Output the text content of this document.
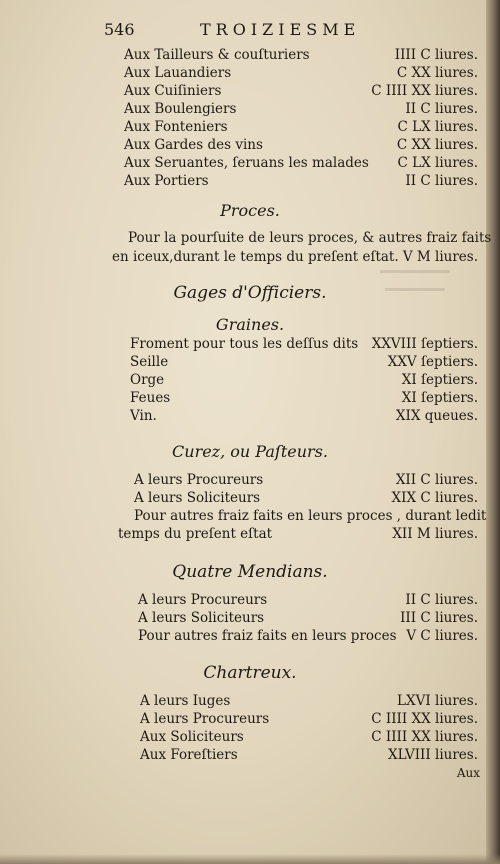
546	TROIZIESME
Aux Tailleurs & couſturiers	IIII C liures.
Aux Lauandiers	C XX liures.
Aux Cuiſiniers	C IIII XX liures.
Aux Boulengiers	II C liures.
Aux Fonteniers	C LX liures.
Aux Gardes des vins	C XX liures.
Aux Seruantes, ſeruans les malades C LX liures.
Aux Portiers	II C liures.
Proces.
Pour la pourſuite de leurs proces, & autres fraiz faits
en iceux,durant le temps du preſent eſtat. V M liures.
Gages d'Officiers.
Graines.
Froment pour tous les deſſus dits XXVIII ſeptiers.
Seille	XXV ſeptiers.
Orge	XI ſeptiers.
Feues	XI ſeptiers.
Vin.	XIX queues.
Curez, ou Paſteurs.
A leurs Procureurs	XII C liures.
A leurs Soliciteurs	XIX C liures.
Pour autres fraiz faits en leurs proces , durant ledit
temps du preſent eſtat	XII M liures.
Quatre Mendians.
A leurs Procureurs	II C liures.
A leurs Soliciteurs	III C liures.
Pour autres fraiz faits en leurs proces V C liures.
Chartreux.
A leurs Iuges	LXVI liures.
A leurs Procureurs	C IIII XX liures.
Aux Soliciteurs	C IIII XX liures.
Aux Foreſtiers	XLVIII liures.
Aux
